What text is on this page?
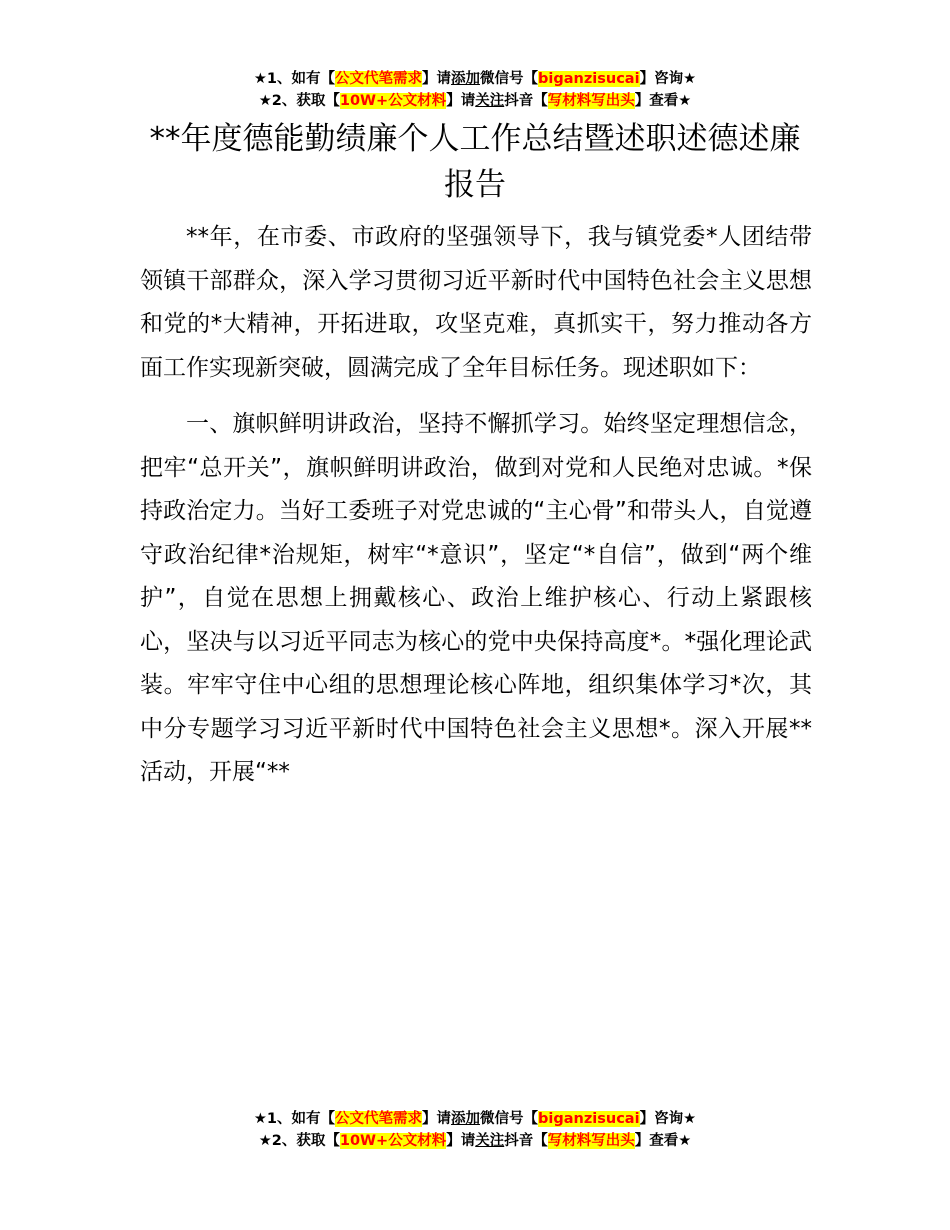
★1、如有【公文代笔需求】请添加微信号【biganzisucai】咨询★
★2、获取【10W+公文材料】请关注抖音【写材料写出头】查看★
**年度德能勤绩廉个人工作总结暨述职述德述廉报告

**年，在市委、市政府的坚强领导下，我与镇党委*人团结带领镇干部群众，深入学习贯彻习近平新时代中国特色社会主义思想和党的*大精神，开拓进取，攻坚克难，真抓实干，努力推动各方面工作实现新突破，圆满完成了全年目标任务。现述职如下：

一、旗帜鲜明讲政治，坚持不懈抓学习。始终坚定理想信念，把牢“总开关”，旗帜鲜明讲政治，做到对党和人民绝对忠诚。*保持政治定力。当好工委班子对党忠诚的“主心骨”和带头人，自觉遵守政治纪律*治规矩，树牢“*意识”，坚定“*自信”，做到“两个维护”，自觉在思想上拥戴核心、政治上维护核心、行动上紧跟核心，坚决与以习近平同志为核心的党中央保持高度*。*强化理论武装。牢牢守住中心组的思想理论核心阵地，组织集体学习*次，其中分专题学习习近平新时代中国特色社会主义思想*。深入开展**活动，开展“**

★1、如有【公文代笔需求】请添加微信号【biganzisucai】咨询★
★2、获取【10W+公文材料】请关注抖音【写材料写出头】查看★
